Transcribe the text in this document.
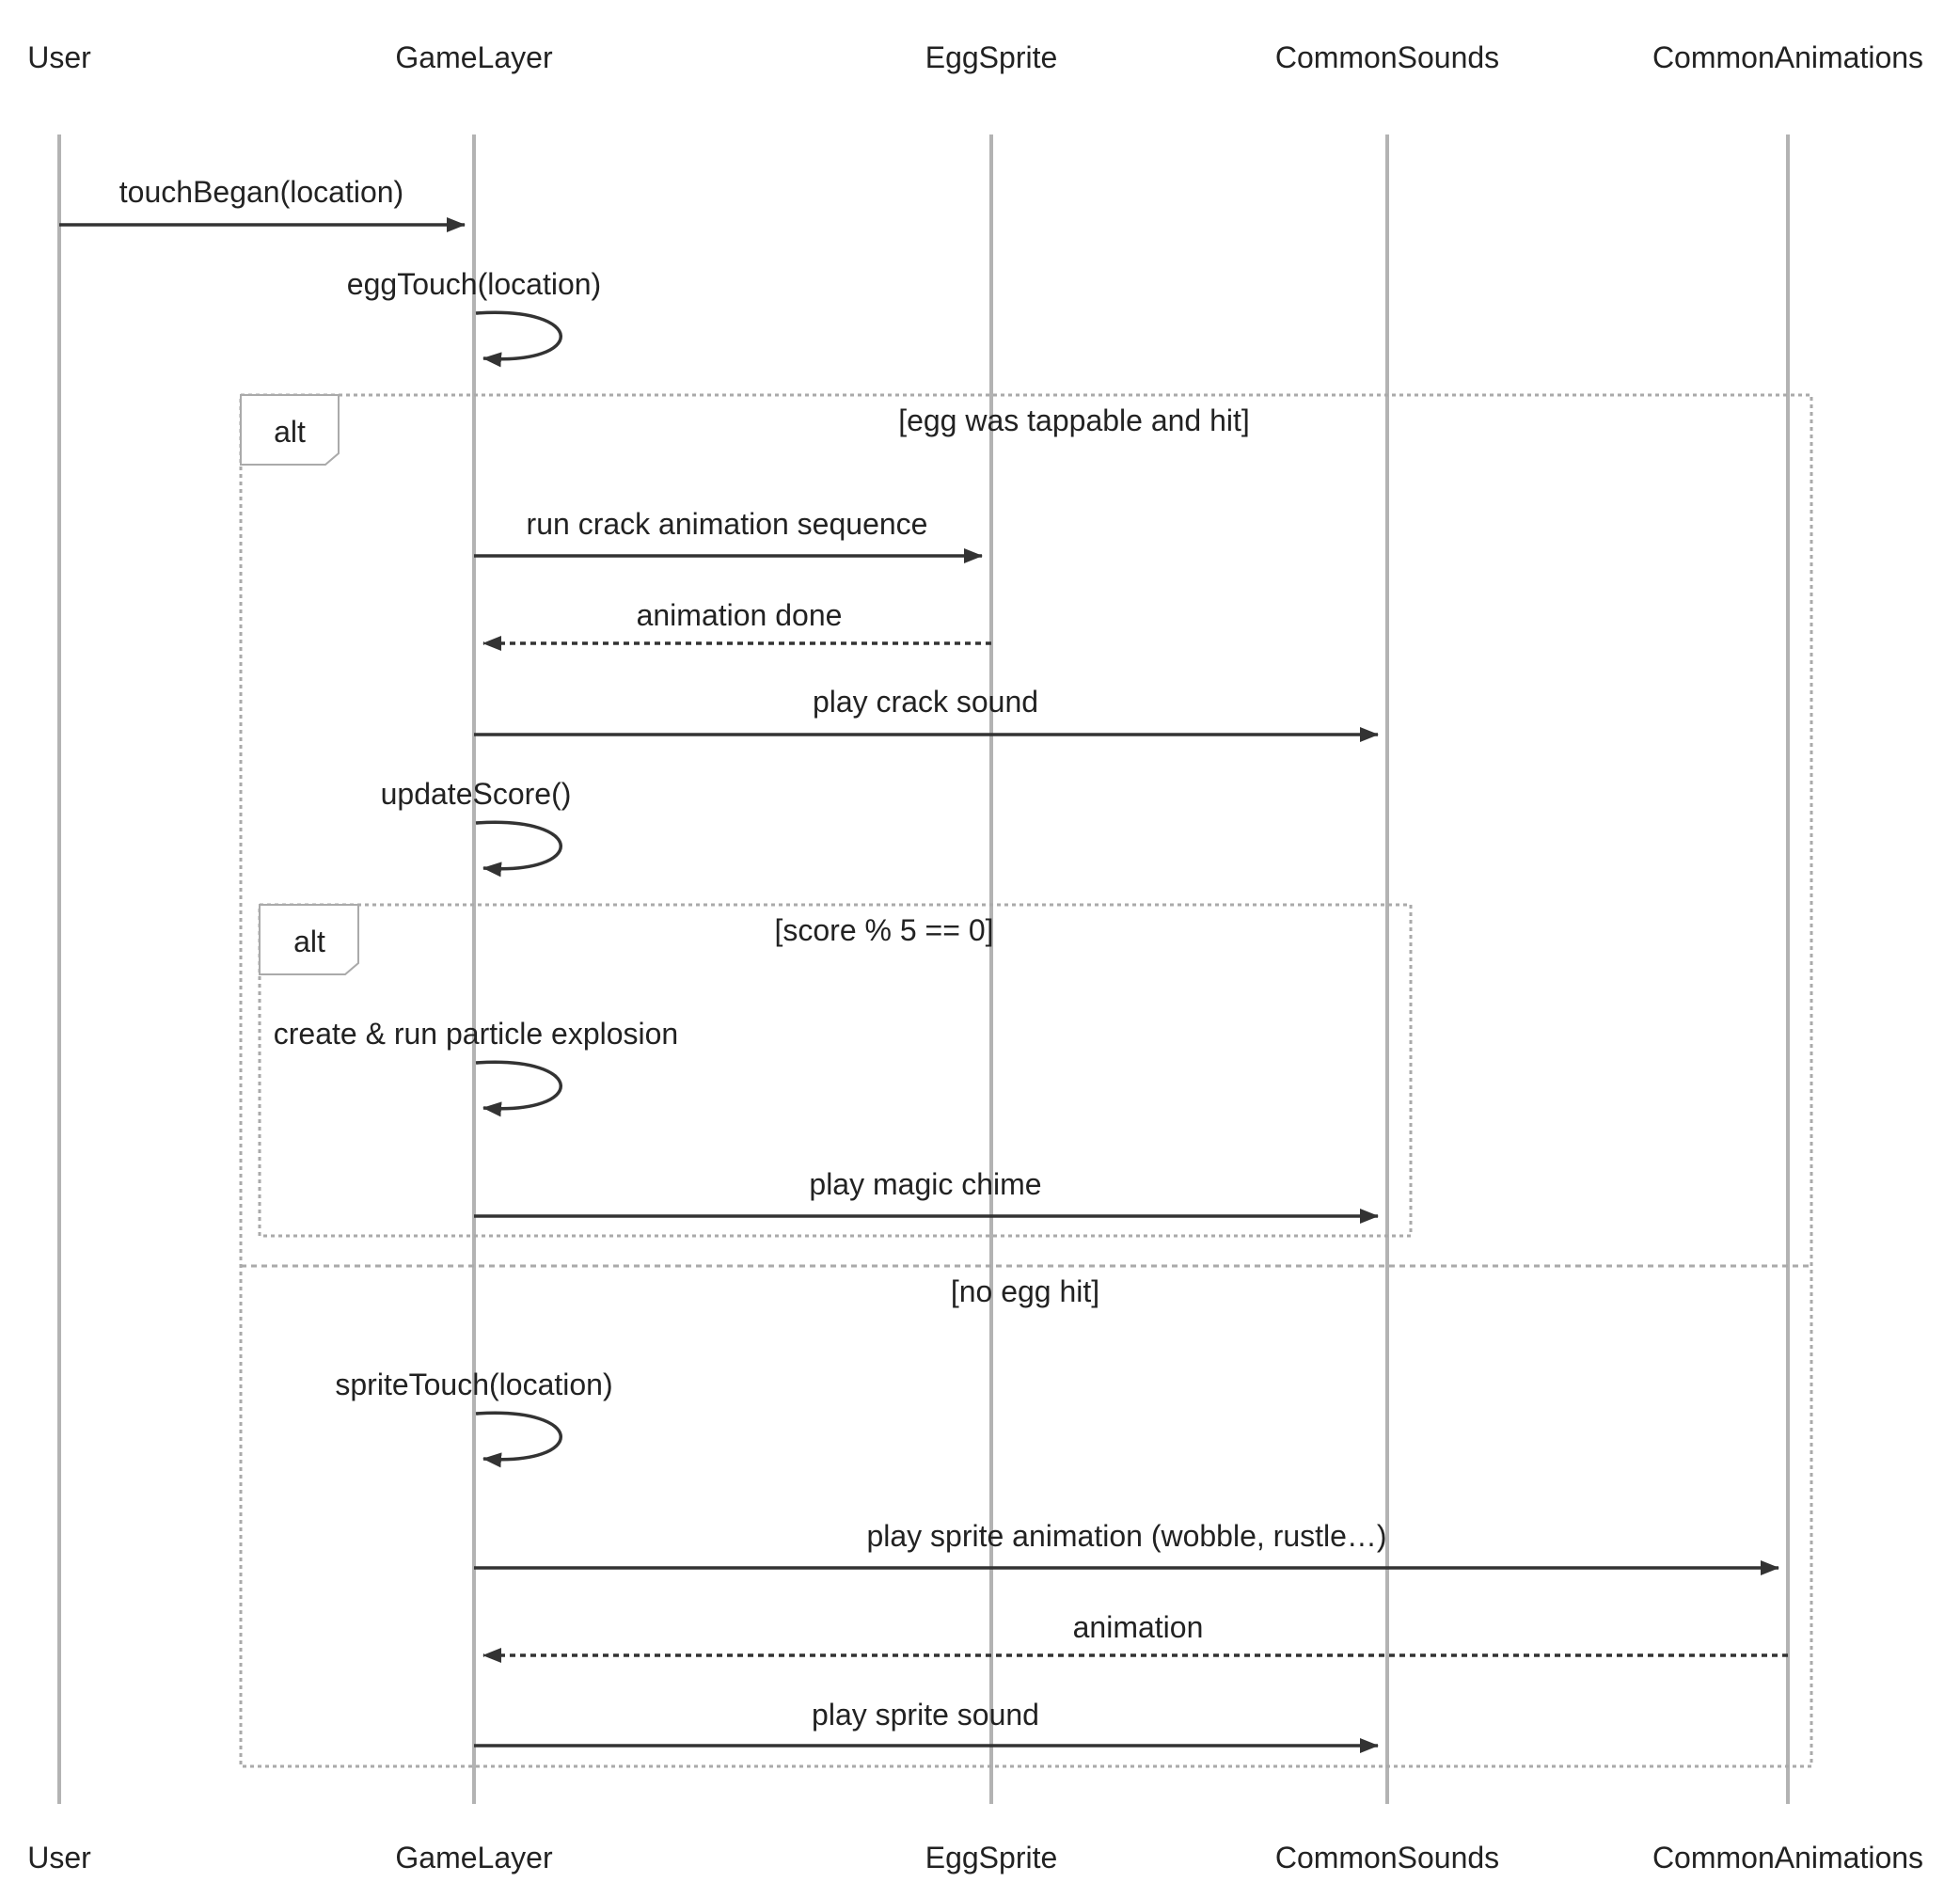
User	GameLayer	EggSprite	CommonSounds	CommonAnimations
User	GameLayer	EggSprite	CommonSounds	CommonAnimations
alt	[egg was tappable and hit]
[no egg hit]
alt	[score % 5 == 0]
touchBegan(location)
eggTouch(location)
run crack animation sequence
animation done
play crack sound
updateScore()
create & run particle explosion
play magic chime
spriteTouch(location)
play sprite animation (wobble, rustle…)
animation
play sprite sound
